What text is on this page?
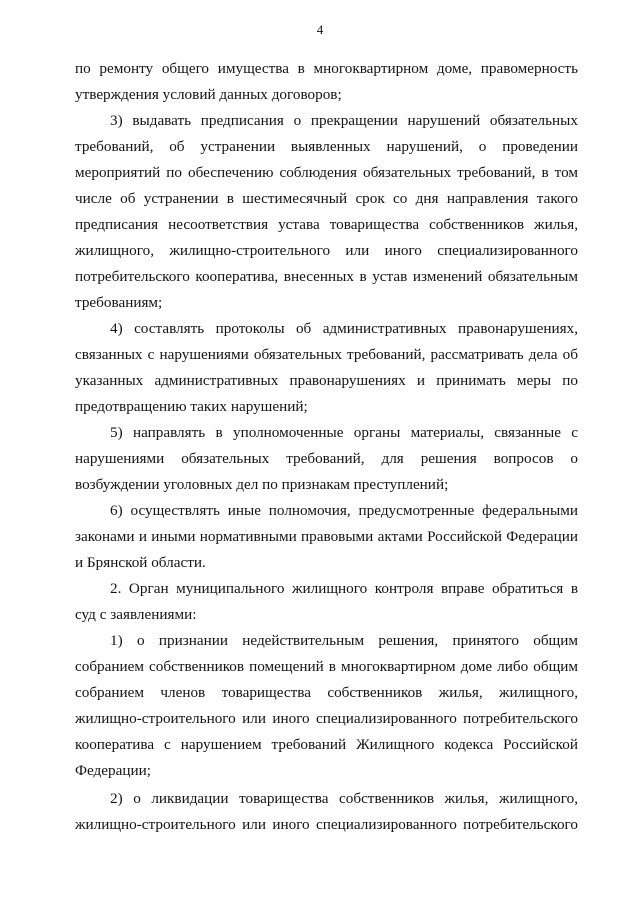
4
по ремонту общего имущества в многоквартирном доме, правомерность
утверждения условий данных договоров;
3) выдавать предписания о прекращении нарушений обязательных
требований, об устранении выявленных нарушений, о проведении
мероприятий по обеспечению соблюдения обязательных требований, в том
числе об устранении в шестимесячный срок со дня направления такого
предписания несоответствия устава товарищества собственников жилья,
жилищного, жилищно-строительного или иного специализированного
потребительского кооператива, внесенных в устав изменений обязательным
требованиям;
4) составлять протоколы об административных правонарушениях,
связанных с нарушениями обязательных требований, рассматривать дела об
указанных административных правонарушениях и принимать меры по
предотвращению таких нарушений;
5) направлять в уполномоченные органы материалы, связанные с
нарушениями обязательных требований, для решения вопросов о
возбуждении уголовных дел по признакам преступлений;
6) осуществлять иные полномочия, предусмотренные федеральными
законами и иными нормативными правовыми актами Российской Федерации
и Брянской области.
2. Орган муниципального жилищного контроля вправе обратиться в
суд с заявлениями:
1) о признании недействительным решения, принятого общим
собранием собственников помещений в многоквартирном доме либо общим
собранием членов товарищества собственников жилья, жилищного,
жилищно-строительного или иного специализированного потребительского
кооператива с нарушением требований Жилищного кодекса Российской
Федерации;
2) о ликвидации товарищества собственников жилья, жилищного,
жилищно-строительного или иного специализированного потребительского
